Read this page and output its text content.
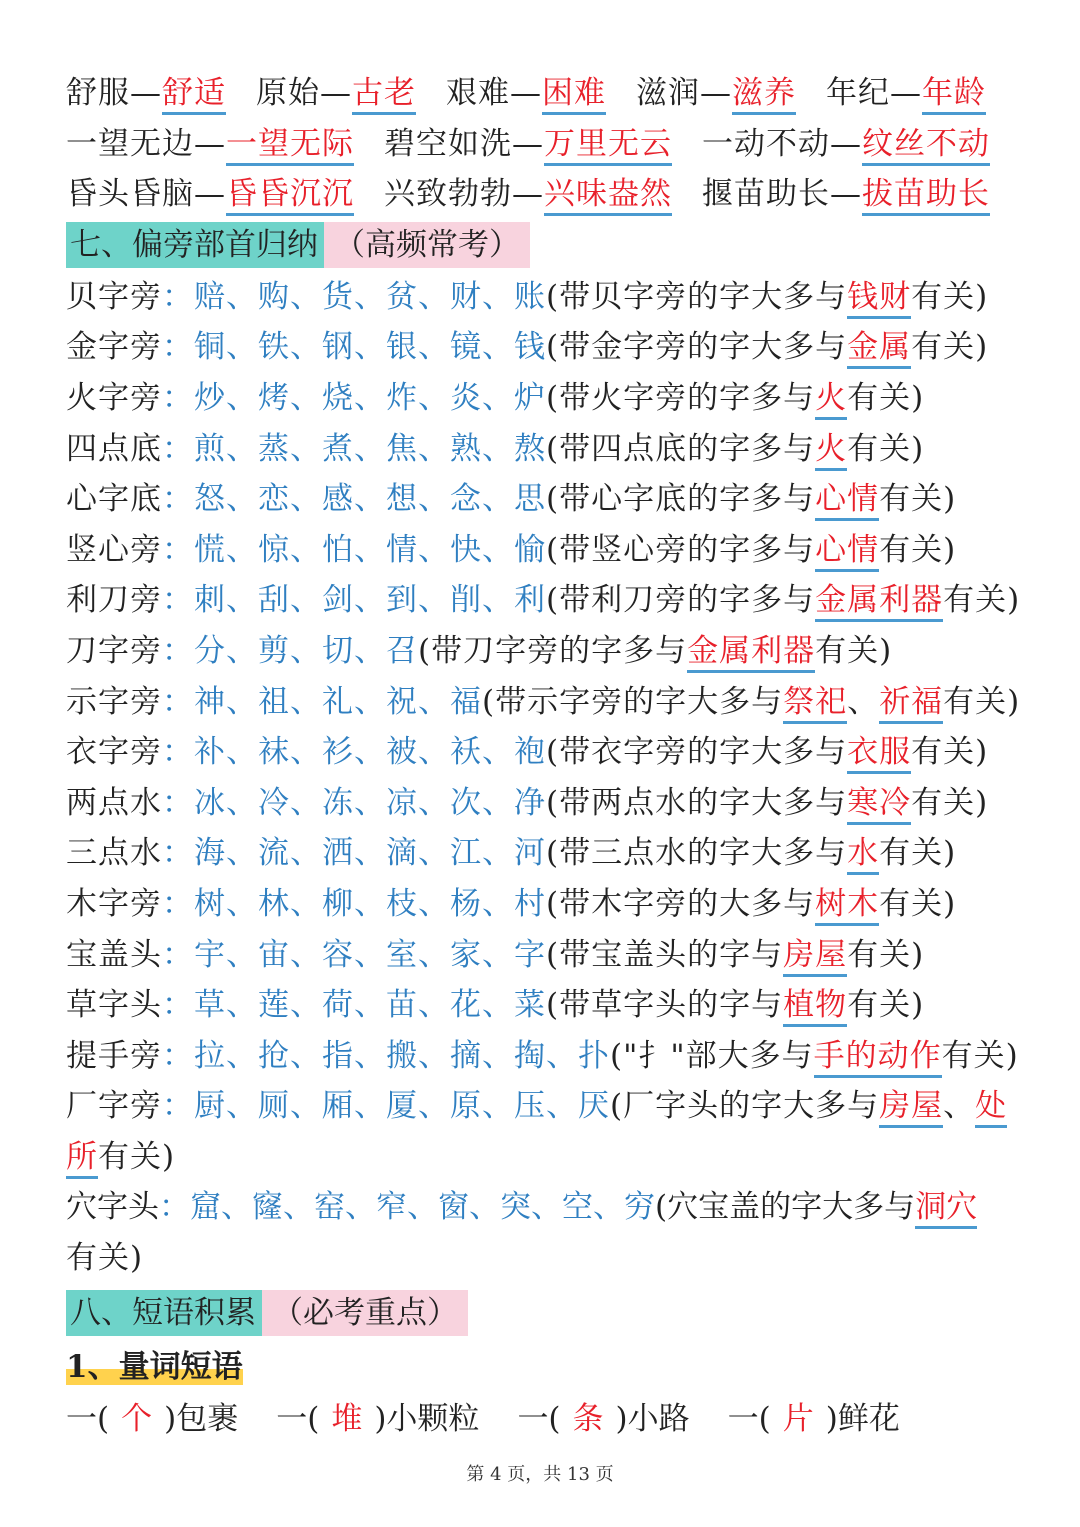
舒服—舒适 原始—古老 艰难—困难 滋润—滋养 年纪—年龄
一望无边—一望无际 碧空如洗—万里无云 一动不动—纹丝不动
昏头昏脑—昏昏沉沉 兴致勃勃—兴味盎然 揠苗助长—拔苗助长
七、偏旁部首归纳 （高频常考）
贝字旁：赔、购、货、贫、财、账(带贝字旁的字大多与钱财有关)
金字旁：铜、铁、钢、银、镜、钱(带金字旁的字大多与金属有关)
火字旁：炒、烤、烧、炸、炎、炉(带火字旁的字多与火有关)
四点底：煎、蒸、煮、焦、熟、熬(带四点底的字多与火有关)
心字底：怒、恋、感、想、念、思(带心字底的字多与心情有关)
竖心旁：慌、惊、怕、情、快、愉(带竖心旁的字多与心情有关)
利刀旁：刺、刮、剑、到、削、利(带利刀旁的字多与金属利器有关)
刀字旁：分、剪、切、召(带刀字旁的字多与金属利器有关)
示字旁：神、祖、礼、祝、福(带示字旁的字大多与祭祀、祈福有关)
衣字旁：补、袜、衫、被、袄、袍(带衣字旁的字大多与衣服有关)
两点水：冰、冷、冻、凉、次、净(带两点水的字大多与寒冷有关)
三点水：海、流、洒、滴、江、河(带三点水的字大多与水有关)
木字旁：树、林、柳、枝、杨、村(带木字旁的大多与树木有关)
宝盖头：宇、宙、容、室、家、字(带宝盖头的字与房屋有关)
草字头：草、莲、荷、苗、花、菜(带草字头的字与植物有关)
提手旁：拉、抢、指、搬、摘、掏、扑("扌"部大多与手的动作有关)
厂字旁：厨、厕、厢、厦、原、压、厌(厂字头的字大多与房屋、处
所有关)
穴字头：窟、窿、窑、窄、窗、突、空、穷(穴宝盖的字大多与洞穴
有关)
八、短语积累 （必考重点）
1、量词短语
一( 个 )包裹 一( 堆 )小颗粒 一( 条 )小路 一( 片 )鲜花
第 4 页，共 13 页
